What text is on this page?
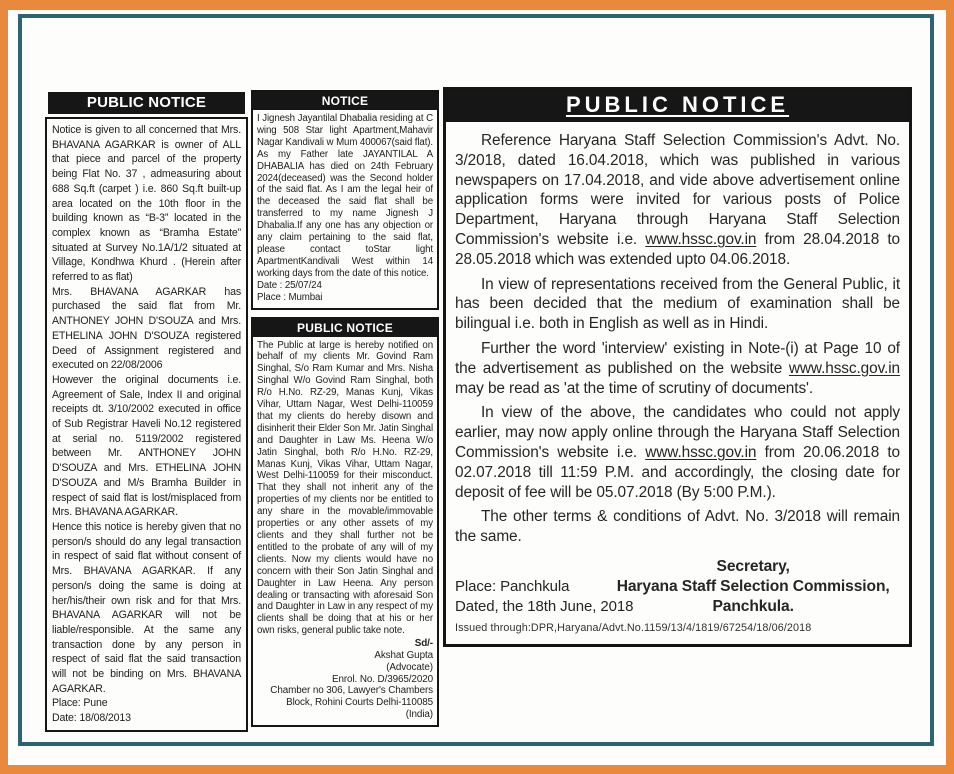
PUBLIC NOTICE

Notice is given to all concerned that Mrs. BHAVANA AGARKAR is owner of ALL that piece and parcel of the property being Flat No. 37 , admeasuring about 688 Sq.ft (carpet ) i.e. 860 Sq.ft built-up area located on the 10th floor in the building known as “B-3” located in the complex known as “Bramha Estate” situated at Survey No.1A/1/2 situated at Village, Kondhwa Khurd . (Herein after referred to as flat)

Mrs. BHAVANA AGARKAR has purchased the said flat from Mr. ANTHONEY JOHN D'SOUZA and Mrs. ETHELINA JOHN D'SOUZA registered Deed of Assignment registered and executed on 22/08/2006

However the original documents i.e. Agreement of Sale, Index II and original receipts dt. 3/10/2002 executed in office of Sub Registrar Haveli No.12 registered at serial no. 5119/2002 registered between Mr. ANTHONEY JOHN D'SOUZA and Mrs. ETHELINA JOHN D'SOUZA and M/s Bramha Builder in respect of said flat is lost/misplaced from Mrs. BHAVANA AGARKAR.

Hence this notice is hereby given that no person/s should do any legal transaction in respect of said flat without consent of Mrs. BHAVANA AGARKAR. If any person/s doing the same is doing at her/his/their own risk and for that Mrs. BHAVANA AGARKAR will not be liable/responsible. At the same any transaction done by any person in respect of said flat the said transaction will not be binding on Mrs. BHAVANA AGARKAR.

Place: Pune

Date: 18/08/2013

NOTICE

I Jignesh Jayantilal Dhabalia residing at C wing 508 Star light Apartment,Mahavir Nagar Kandivali w Mum 400067(said flat). As my Father late JAYANTILAL A DHABALIA has died on 24th February 2024(deceased) was the Second holder of the said flat. As I am the legal heir of the deceased the said flat shall be transferred to my name Jignesh J Dhabalia.If any one has any objection or any claim pertaining to the said flat, please contact toStar light ApartmentKandivali West within 14 working days from the date of this notice.

Date : 25/07/24

Place : Mumbai

PUBLIC NOTICE

The Public at large is hereby notified on behalf of my clients Mr. Govind Ram Singhal, S/o Ram Kumar and Mrs. Nisha Singhal W/o Govind Ram Singhal, both R/o H.No. RZ-29, Manas Kunj, Vikas Vihar, Uttam Nagar, West Delhi-110059 that my clients do hereby disown and disinherit their Elder Son Mr. Jatin Singhal and Daughter in Law Ms. Heena W/o Jatin Singhal, both R/o H.No. RZ-29, Manas Kunj, Vikas Vihar, Uttam Nagar, West Delhi-110059 for their misconduct. That they shall not inherit any of the properties of my clients nor be entitled to any share in the movable/immovable properties or any other assets of my clients and they shall further not be entitled to the probate of any will of my clients. Now my clients would have no concern with their Son Jatin Singhal and Daughter in Law Heena. Any person dealing or transacting with aforesaid Son and Daughter in Law in any respect of my clients shall be doing that at his or her own risks, general public take note.

Sd/-
Akshat Gupta
(Advocate)
Enrol. No. D/3965/2020
Chamber no 306, Lawyer's Chambers
Block, Rohini Courts Delhi-110085 (India)
PUBLIC NOTICE

Reference Haryana Staff Selection Commission's Advt. No. 3/2018, dated 16.04.2018, which was published in various newspapers on 17.04.2018, and vide above advertisement online application forms were invited for various posts of Police Department, Haryana through Haryana Staff Selection Commission's website i.e. www.hssc.gov.in from 28.04.2018 to 28.05.2018 which was extended upto 04.06.2018.

In view of representations received from the General Public, it has been decided that the medium of examination shall be bilingual i.e. both in English as well as in Hindi.

Further the word 'interview' existing in Note-(i) at Page 10 of the advertisement as published on the website www.hssc.gov.in may be read as 'at the time of scrutiny of documents'.

In view of the above, the candidates who could not apply earlier, may now apply online through the Haryana Staff Selection Commission's website i.e. www.hssc.gov.in from 20.06.2018 to 02.07.2018 till 11:59 P.M. and accordingly, the closing date for deposit of fee will be 05.07.2018 (By 5:00 P.M.).

The other terms & conditions of Advt. No. 3/2018 will remain the same.

Secretary,
Haryana Staff Selection Commission,
Panchkula.
Place: Panchkula
Dated, the 18th June, 2018
Issued through:DPR,Haryana/Advt.No.1159/13/4/1819/67254/18/06/2018
